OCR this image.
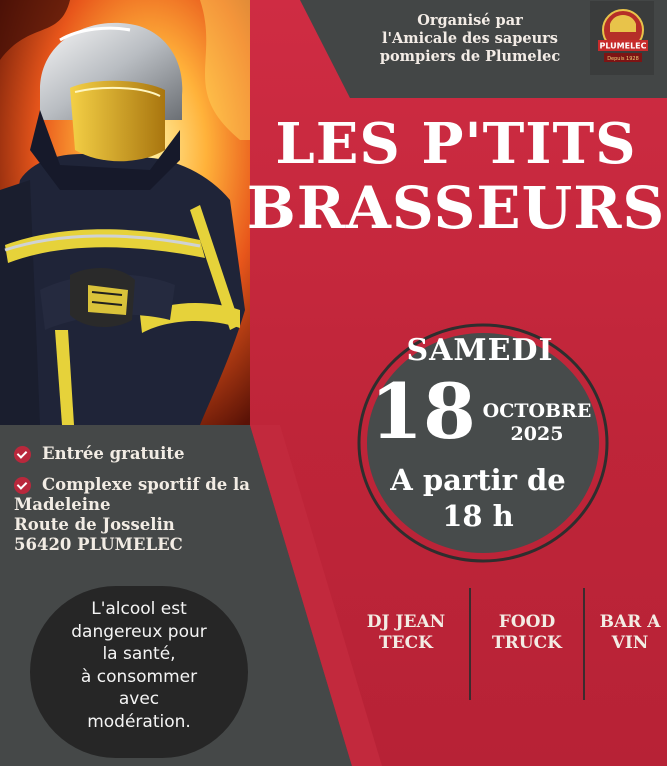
Organisé par
l'Amicale des sapeurs
pompiers de Plumelec
PLUMELEC
Depuis 1928
LES P'TITS
BRASSEURS
SAMEDI
18 OCTOBRE
2025
A partir de
18 h
Entrée gratuite
Complexe sportif de la
Madeleine
Route de Josselin
56420 PLUMELEC
L'alcool est
dangereux pour
la santé,
à consommer
avec
modération.
DJ JEAN
TECK
FOOD
TRUCK
BAR A
VIN
